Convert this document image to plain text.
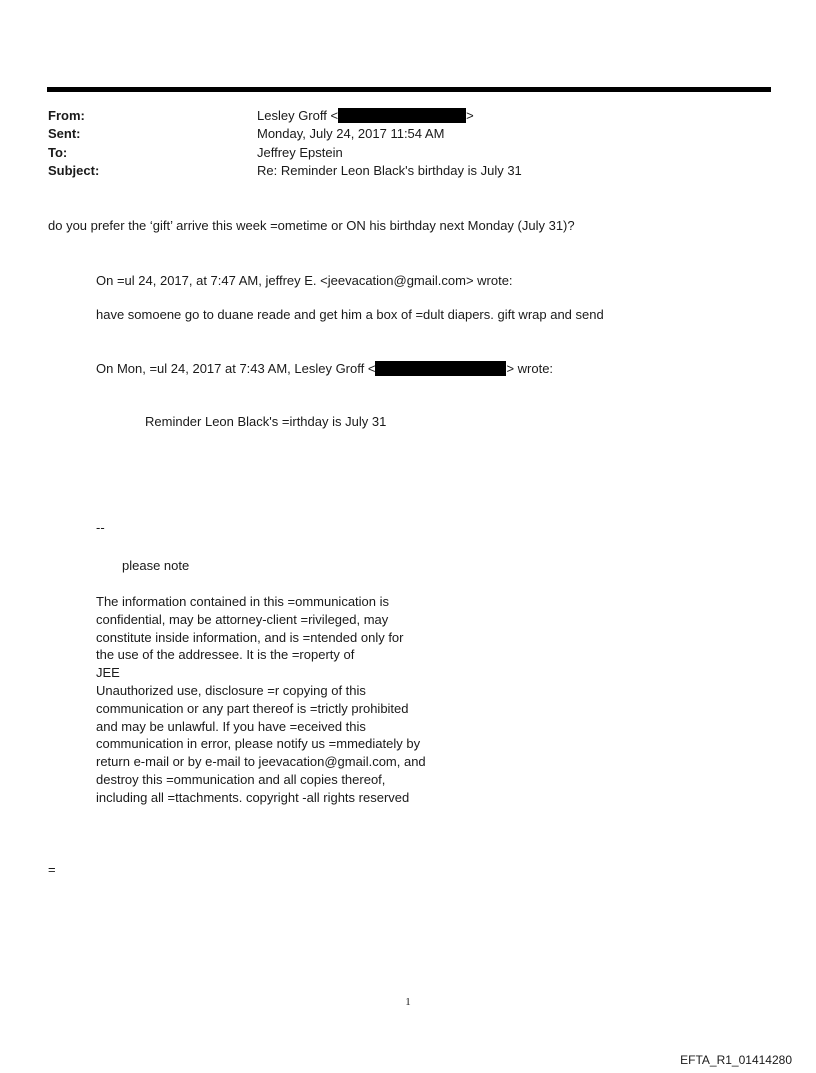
From:
Sent:
To:
Subject:
Lesley Groff <	>
Monday, July 24, 2017 11:54 AM
Jeffrey Epstein
Re: Reminder Leon Black's birthday is July 31
do you prefer the ‘gift’ arrive this week =ometime or ON his birthday next Monday (July 31)?
On =ul 24, 2017, at 7:47 AM, jeffrey E. <jeevacation@gmail.com> wrote:
have somoene go to duane reade and get him a box of =dult diapers. gift wrap and send
On Mon, =ul 24, 2017 at 7:43 AM, Lesley Groff <	> wrote:
Reminder Leon Black's =irthday is July 31
--
please note
The information contained in this =ommunication is
confidential, may be attorney-client =rivileged, may
constitute inside information, and is =ntended only for
the use of the addressee. It is the =roperty of
JEE
Unauthorized use, disclosure =r copying of this
communication or any part thereof is =trictly prohibited
and may be unlawful. If you have =eceived this
communication in error, please notify us =mmediately by
return e-mail or by e-mail to jeevacation@gmail.com, and
destroy this =ommunication and all copies thereof,
including all =ttachments. copyright -all rights reserved
=
1
EFTA_R1_01414280
